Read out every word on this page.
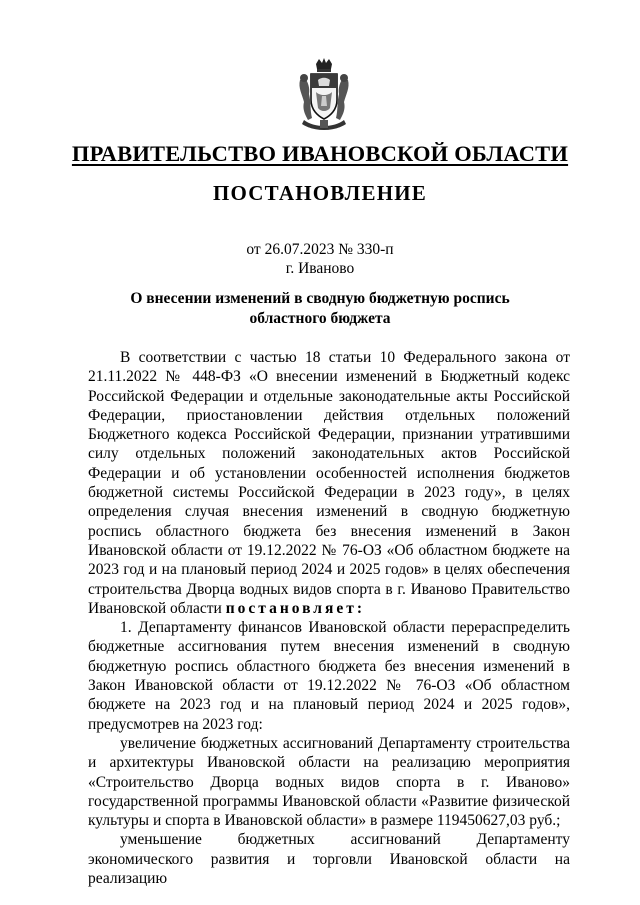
ПРАВИТЕЛЬСТВО ИВАНОВСКОЙ ОБЛАСТИ
ПОСТАНОВЛЕНИЕ
от 26.07.2023 № 330-п
г. Иваново
О внесении изменений в сводную бюджетную роспись
областного бюджета

В соответствии с частью 18 статьи 10 Федерального закона от 21.11.2022 № 448-ФЗ «О внесении изменений в Бюджетный кодекс Российской Федерации и отдельные законодательные акты Российской Федерации, приостановлении действия отдельных положений Бюджетного кодекса Российской Федерации, признании утратившими силу отдельных положений законодательных актов Российской Федерации и об установлении особенностей исполнения бюджетов бюджетной системы Российской Федерации в 2023 году», в целях определения случая внесения изменений в сводную бюджетную роспись областного бюджета без внесения изменений в Закон Ивановской области от 19.12.2022 № 76-ОЗ «Об областном бюджете на 2023 год и на плановый период 2024 и 2025 годов» в целях обеспечения строительства Дворца водных видов спорта в г. Иваново Правительство Ивановской области постановляет:

1. Департаменту финансов Ивановской области перераспределить бюджетные ассигнования путем внесения изменений в сводную бюджетную роспись областного бюджета без внесения изменений в Закон Ивановской области от 19.12.2022 № 76-ОЗ «Об областном бюджете на 2023 год и на плановый период 2024 и 2025 годов», предусмотрев на 2023 год:

увеличение бюджетных ассигнований Департаменту строительства и архитектуры Ивановской области на реализацию мероприятия «Строительство Дворца водных видов спорта в г. Иваново» государственной программы Ивановской области «Развитие физической культуры и спорта в Ивановской области» в размере 119450627,03 руб.;

уменьшение бюджетных ассигнований Департаменту экономического развития и торговли Ивановской области на реализацию
